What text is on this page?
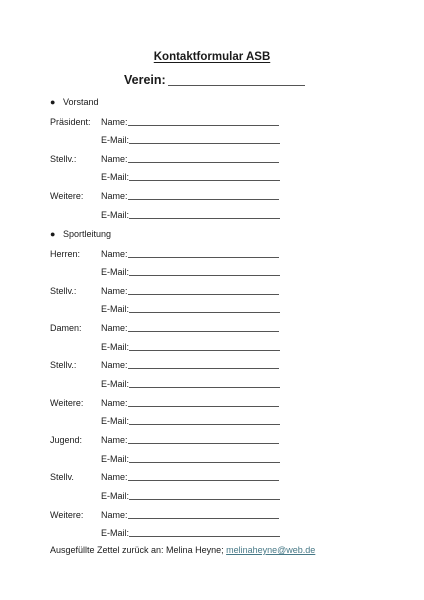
Kontaktformular ASB
Verein:
● Vorstand
Präsident: Name:
E-Mail:
Stellv.:	Name:
E-Mail:
Weitere: Name:
E-Mail:
● Sportleitung
Herren: Name:
E-Mail:
Stellv.:	Name:
E-Mail:
Damen: Name:
E-Mail:
Stellv.:	Name:
E-Mail:
Weitere: Name:
E-Mail:
Jugend: Name:
E-Mail:
Stellv.	Name:
E-Mail:
Weitere: Name:
E-Mail:
Ausgefüllte Zettel zurück an: Melina Heyne; melinaheyne@web.de
